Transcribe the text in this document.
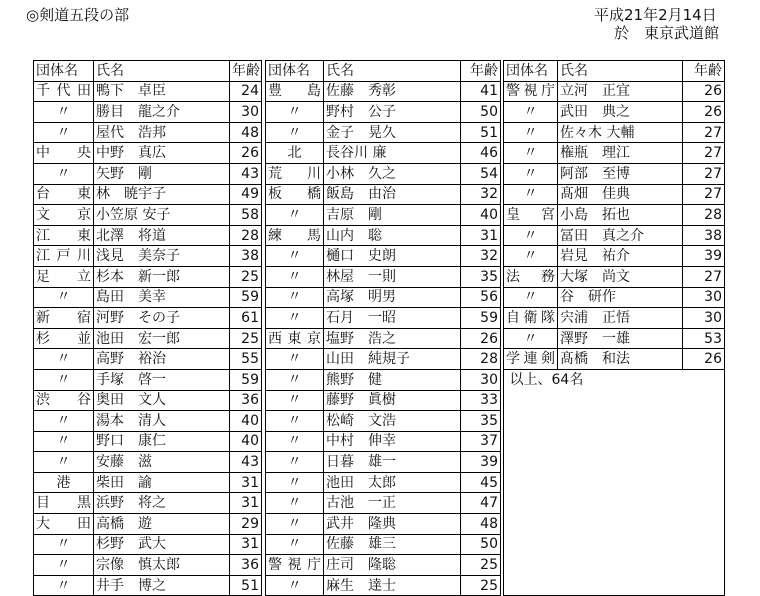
◎剣道五段の部	平成21年2月14日
於　東京武道館
団体名	氏名	年齢
千代田	鴨下　卓臣	24
〃	勝目　龍之介	30
〃	屋代　浩邦	48
中　央	中野　真広	26
〃	矢野　剛	43
台　東	林　暁宇子	49
文　京	小笠原 安子	58
江　東	北澤　将道	28
江戸川	浅見　美奈子	38
足　立	杉本　新一郎	25
〃	島田　美幸	59
新　宿	河野　その子	61
杉　並	池田　宏一郎	25
〃	高野　裕治	55
〃	手塚　啓一	59
渋　谷	奥田　文人	36
〃	湯本　清人	40
〃	野口　康仁	40
〃	安藤　滋	43
港	柴田　諭	31
目　黒	浜野　将之	31
大　田	高橋　遊	29
〃	杉野　武大	31
〃	宗像　慎太郎	36
〃	井手　博之	51
団体名	氏名	年齢
豊　島	佐藤　秀彰	41
〃	野村　公子	50
〃	金子　晃久	51
北	長谷川 廉	46
荒　川	小林　久之	54
板　橋	飯島　由治	32
〃	吉原　剛	40
練　馬	山内　聡	31
〃	樋口　史朗	32
〃	林屋　一則	35
〃	高塚　明男	56
〃	石月　一昭	59
西東京	塩野　浩之	26
〃	山田　純規子	28
〃	熊野　健	30
〃	藤野　眞樹	33
〃	松崎　文浩	35
〃	中村　伸幸	37
〃	日暮　雄一	39
〃	池田　太郎	45
〃	古池　一正	47
〃	武井　隆典	48
〃	佐藤　雄三	50
警視庁	庄司　隆聡	25
〃	麻生　達士	25
団体名	氏名	年齢
警視庁	立河　正宜	26
〃	武田　典之	26
〃	佐々木 大輔	27
〃	権瓶　理江	27
〃	阿部　至博	27
〃	髙畑　佳典	27
皇　宮	小島　拓也	28
〃	冨田　真之介	38
〃	岩見　祐介	39
法　務	大塚　尚文	27
〃	谷　研作	30
自衛隊	宍浦　正悟	30
〃	澤野　一雄	53
学連剣	髙橋　和法	26
以上、64名		
